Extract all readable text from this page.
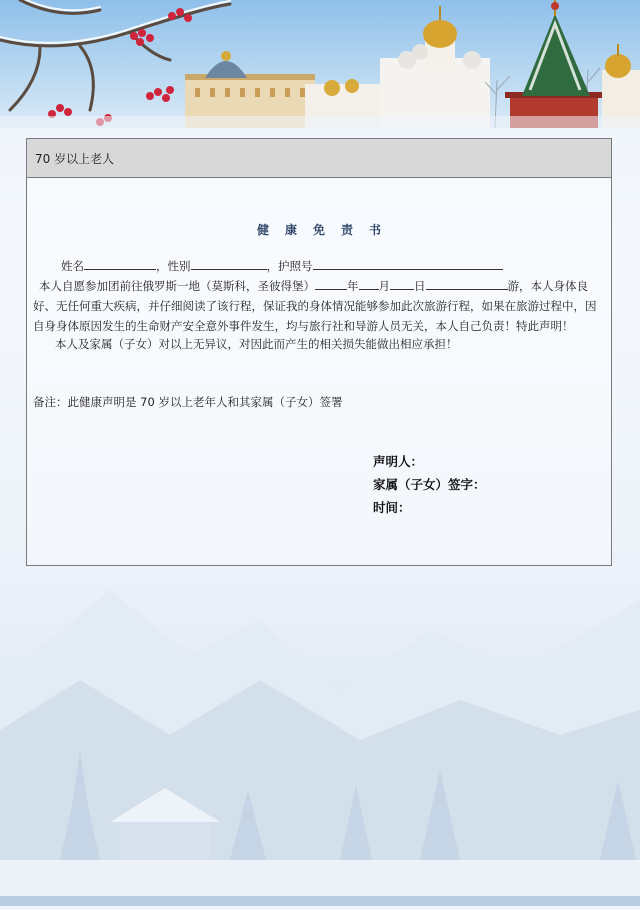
70 岁以上老人
健 康 免 责 书
姓名	，性别	，护照号
本人自愿参加团前往俄罗斯一地（莫斯科，圣彼得堡）	年 月 日	游，本人身体良好、无任何重大疾病，并仔细阅读了该行程，保证我的身体情况能够参加此次旅游行程，如果在旅游过程中，因自身身体原因发生的生命财产安全意外事件发生，均与旅行社和导游人员无关，本人自己负责！特此声明！
本人及家属（子女）对以上无异议，对因此而产生的相关损失能做出相应承担！
备注：此健康声明是 70 岁以上老年人和其家属（子女）签署
声明人：
家属（子女）签字：
时间：
